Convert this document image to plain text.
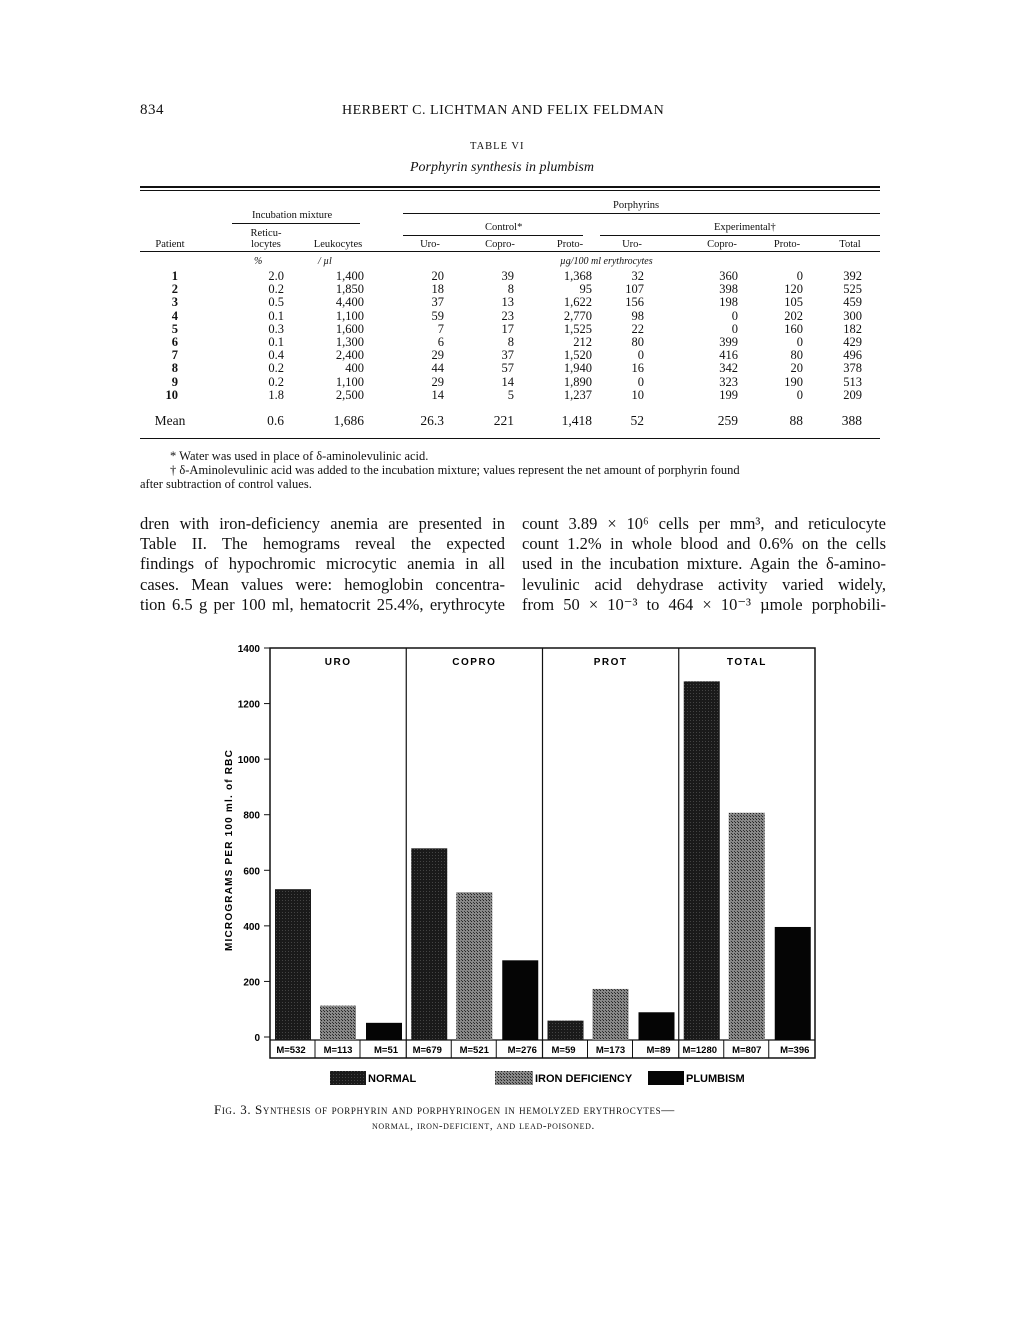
834	HERBERT C. LICHTMAN AND FELIX FELDMAN
TABLE VI
Porphyrin synthesis in plumbism
Incubation mixture
Porphyrins
Control*	Experimental†
Patient
Reticu-
locytes	Leukocytes	Uro-	Copro-	Proto-	Uro-	Copro-	Proto-	Total
%	/ µl	µg/100 ml erythrocytes
1	2.0	1,400	20	39	1,368	32	360	0	392
2	0.2	1,850	18	8	95	107	398	120	525
3	0.5	4,400	37	13	1,622	156	198	105	459
4	0.1	1,100	59	23	2,770	98	0	202	300
5	0.3	1,600	7	17	1,525	22	0	160	182
6	0.1	1,300	6	8	212	80	399	0	429
7	0.4	2,400	29	37	1,520	0	416	80	496
8	0.2	400	44	57	1,940	16	342	20	378
9	0.2	1,100	29	14	1,890	0	323	190	513
10	1.8	2,500	14	5	1,237	10	199	0	209
Mean	0.6	1,686	26.3	221	1,418	52	259	88	388
* Water was used in place of δ-aminolevulinic acid.
† δ-Aminolevulinic acid was added to the incubation mixture; values represent the net amount of porphyrin found
after subtraction of control values.
dren with iron-deficiency anemia are presented in
Table II. The hemograms reveal the expected
findings of hypochromic microcytic anemia in all
cases. Mean values were: hemoglobin concentra-
tion 6.5 g per 100 ml, hematocrit 25.4%, erythrocyte
count 3.89 × 10⁶ cells per mm³, and reticulocyte
count 1.2% in whole blood and 0.6% on the cells
used in the incubation mixture. Again the δ-amino-
levulinic acid dehydrase activity varied widely,
from 50 × 10⁻³ to 464 × 10⁻³ µmole porphobili-
0
200
400
600
800
1000
1200
1400
MICROGRAMS PER 100 ml. of RBC
URO
M=532 M=113 M=51
COPRO
M=679 M=521 M=276
PROT
M=59 M=173 M=89
TOTAL
M=1280 M=807 M=396
NORMAL	IRON DEFICIENCY	PLUMBISM
Fig. 3. Synthesis of porphyrin and porphyrinogen in hemolyzed erythrocytes—
normal, iron-deficient, and lead-poisoned.
